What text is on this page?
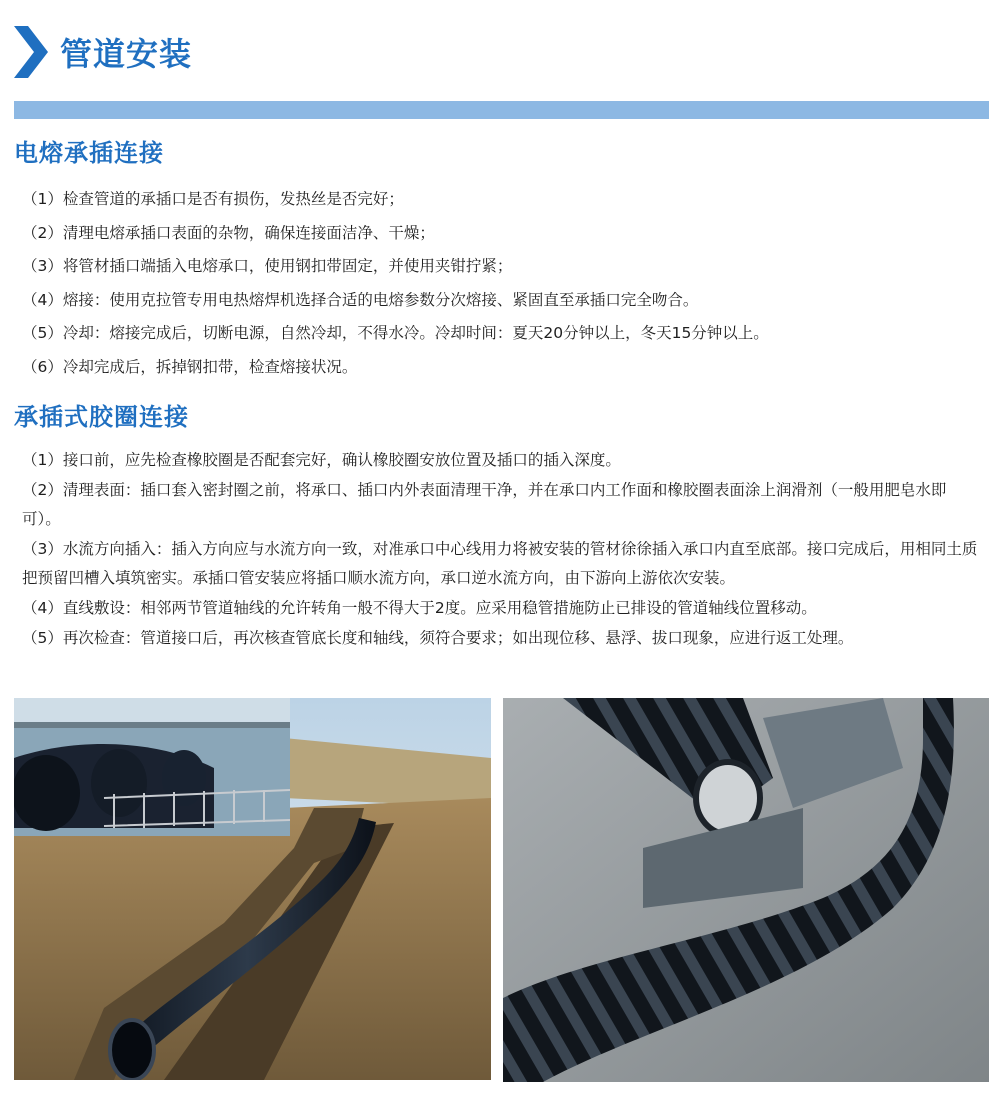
管道安装
电熔承插连接
（1）检查管道的承插口是否有损伤，发热丝是否完好；
（2）清理电熔承插口表面的杂物，确保连接面洁净、干燥；
（3）将管材插口端插入电熔承口，使用钢扣带固定，并使用夹钳拧紧；
（4）熔接：使用克拉管专用电热熔焊机选择合适的电熔参数分次熔接、紧固直至承插口完全吻合。
（5）冷却：熔接完成后，切断电源，自然冷却，不得水冷。冷却时间：夏天20分钟以上，冬天15分钟以上。
（6）冷却完成后，拆掉钢扣带，检查熔接状况。
承插式胶圈连接
（1）接口前，应先检查橡胶圈是否配套完好，确认橡胶圈安放位置及插口的插入深度。
（2）清理表面：插口套入密封圈之前，将承口、插口内外表面清理干净，并在承口内工作面和橡胶圈表面涂上润滑剂（一般用肥皂水即可）。
（3）水流方向插入：插入方向应与水流方向一致，对准承口中心线用力将被安装的管材徐徐插入承口内直至底部。接口完成后，用相同土质把预留凹槽入填筑密实。承插口管安装应将插口顺水流方向，承口逆水流方向，由下游向上游依次安装。
（4）直线敷设：相邻两节管道轴线的允许转角一般不得大于2度。应采用稳管措施防止已排设的管道轴线位置移动。
（5）再次检查：管道接口后，再次核查管底长度和轴线，须符合要求；如出现位移、悬浮、拔口现象，应进行返工处理。
